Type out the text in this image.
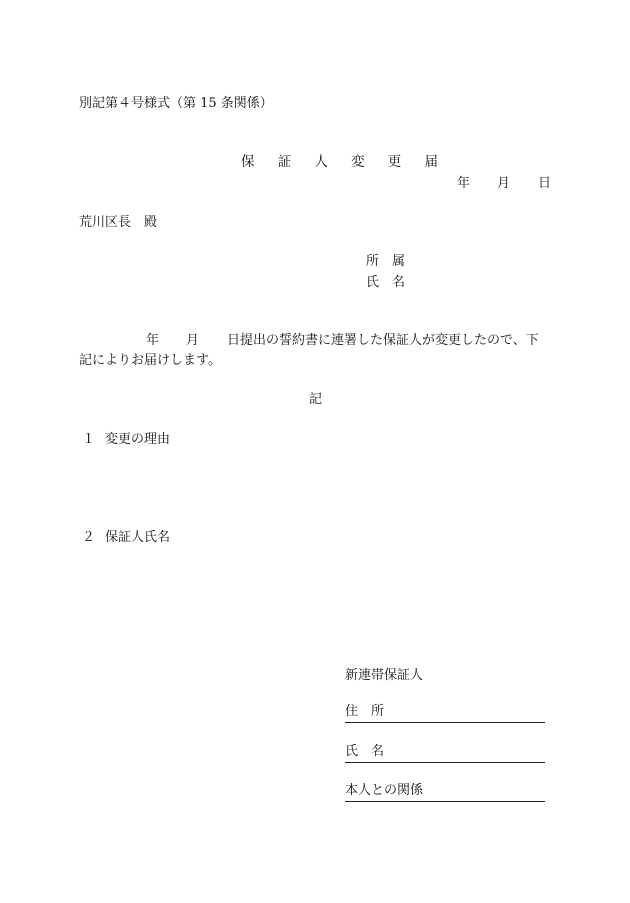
別記第４号様式（第 15 条関係）
保 証 人 変 更 届
年 月 日
荒川区長　殿
所　属
氏　名
年 月 日提出の誓約書に連署した保証人が変更したので、下
記によりお届けします。
記
１ 変更の理由
２ 保証人氏名
新連帯保証人
住　所
氏　名
本人との関係
